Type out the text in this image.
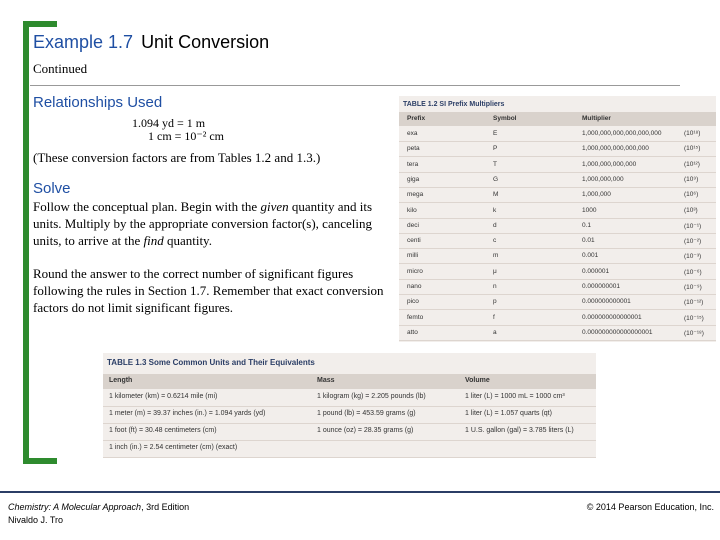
Example 1.7 Unit Conversion
Continued
Relationships Used
1.094 yd = 1 m
1 cm = 10⁻² cm
(These conversion factors are from Tables 1.2 and 1.3.)
Solve
Follow the conceptual plan. Begin with the given quantity and its units. Multiply by the appropriate conversion factor(s), canceling units, to arrive at the find quantity.
Round the answer to the correct number of significant figures following the rules in Section 1.7. Remember that exact conversion factors do not limit significant figures.
TABLE 1.2 SI Prefix Multipliers
Prefix	Symbol	Multiplier
exa	E	1,000,000,000,000,000,000	(10¹⁸)
peta	P	1,000,000,000,000,000	(10¹⁵)
tera	T	1,000,000,000,000	(10¹²)
giga	G	1,000,000,000	(10⁹)
mega	M	1,000,000	(10⁶)
kilo	k	1000	(10³)
deci	d	0.1	(10⁻¹)
centi	c	0.01	(10⁻²)
milli	m	0.001	(10⁻³)
micro	μ	0.000001	(10⁻⁶)
nano	n	0.000000001	(10⁻⁹)
pico	p	0.000000000001	(10⁻¹²)
femto	f	0.000000000000001	(10⁻¹⁵)
atto	a	0.000000000000000001	(10⁻¹⁸)
TABLE 1.3 Some Common Units and Their Equivalents
Length	Mass	Volume
1 kilometer (km) = 0.6214 mile (mi)	1 kilogram (kg) = 2.205 pounds (lb)	1 liter (L) = 1000 mL = 1000 cm³
1 meter (m) = 39.37 inches (in.) = 1.094 yards (yd)	1 pound (lb) = 453.59 grams (g)	1 liter (L) = 1.057 quarts (qt)
1 foot (ft) = 30.48 centimeters (cm)	1 ounce (oz) = 28.35 grams (g)	1 U.S. gallon (gal) = 3.785 liters (L)
1 inch (in.) = 2.54 centimeter (cm) (exact)
Chemistry: A Molecular Approach, 3rd Edition
Nivaldo J. Tro
© 2014 Pearson Education, Inc.
